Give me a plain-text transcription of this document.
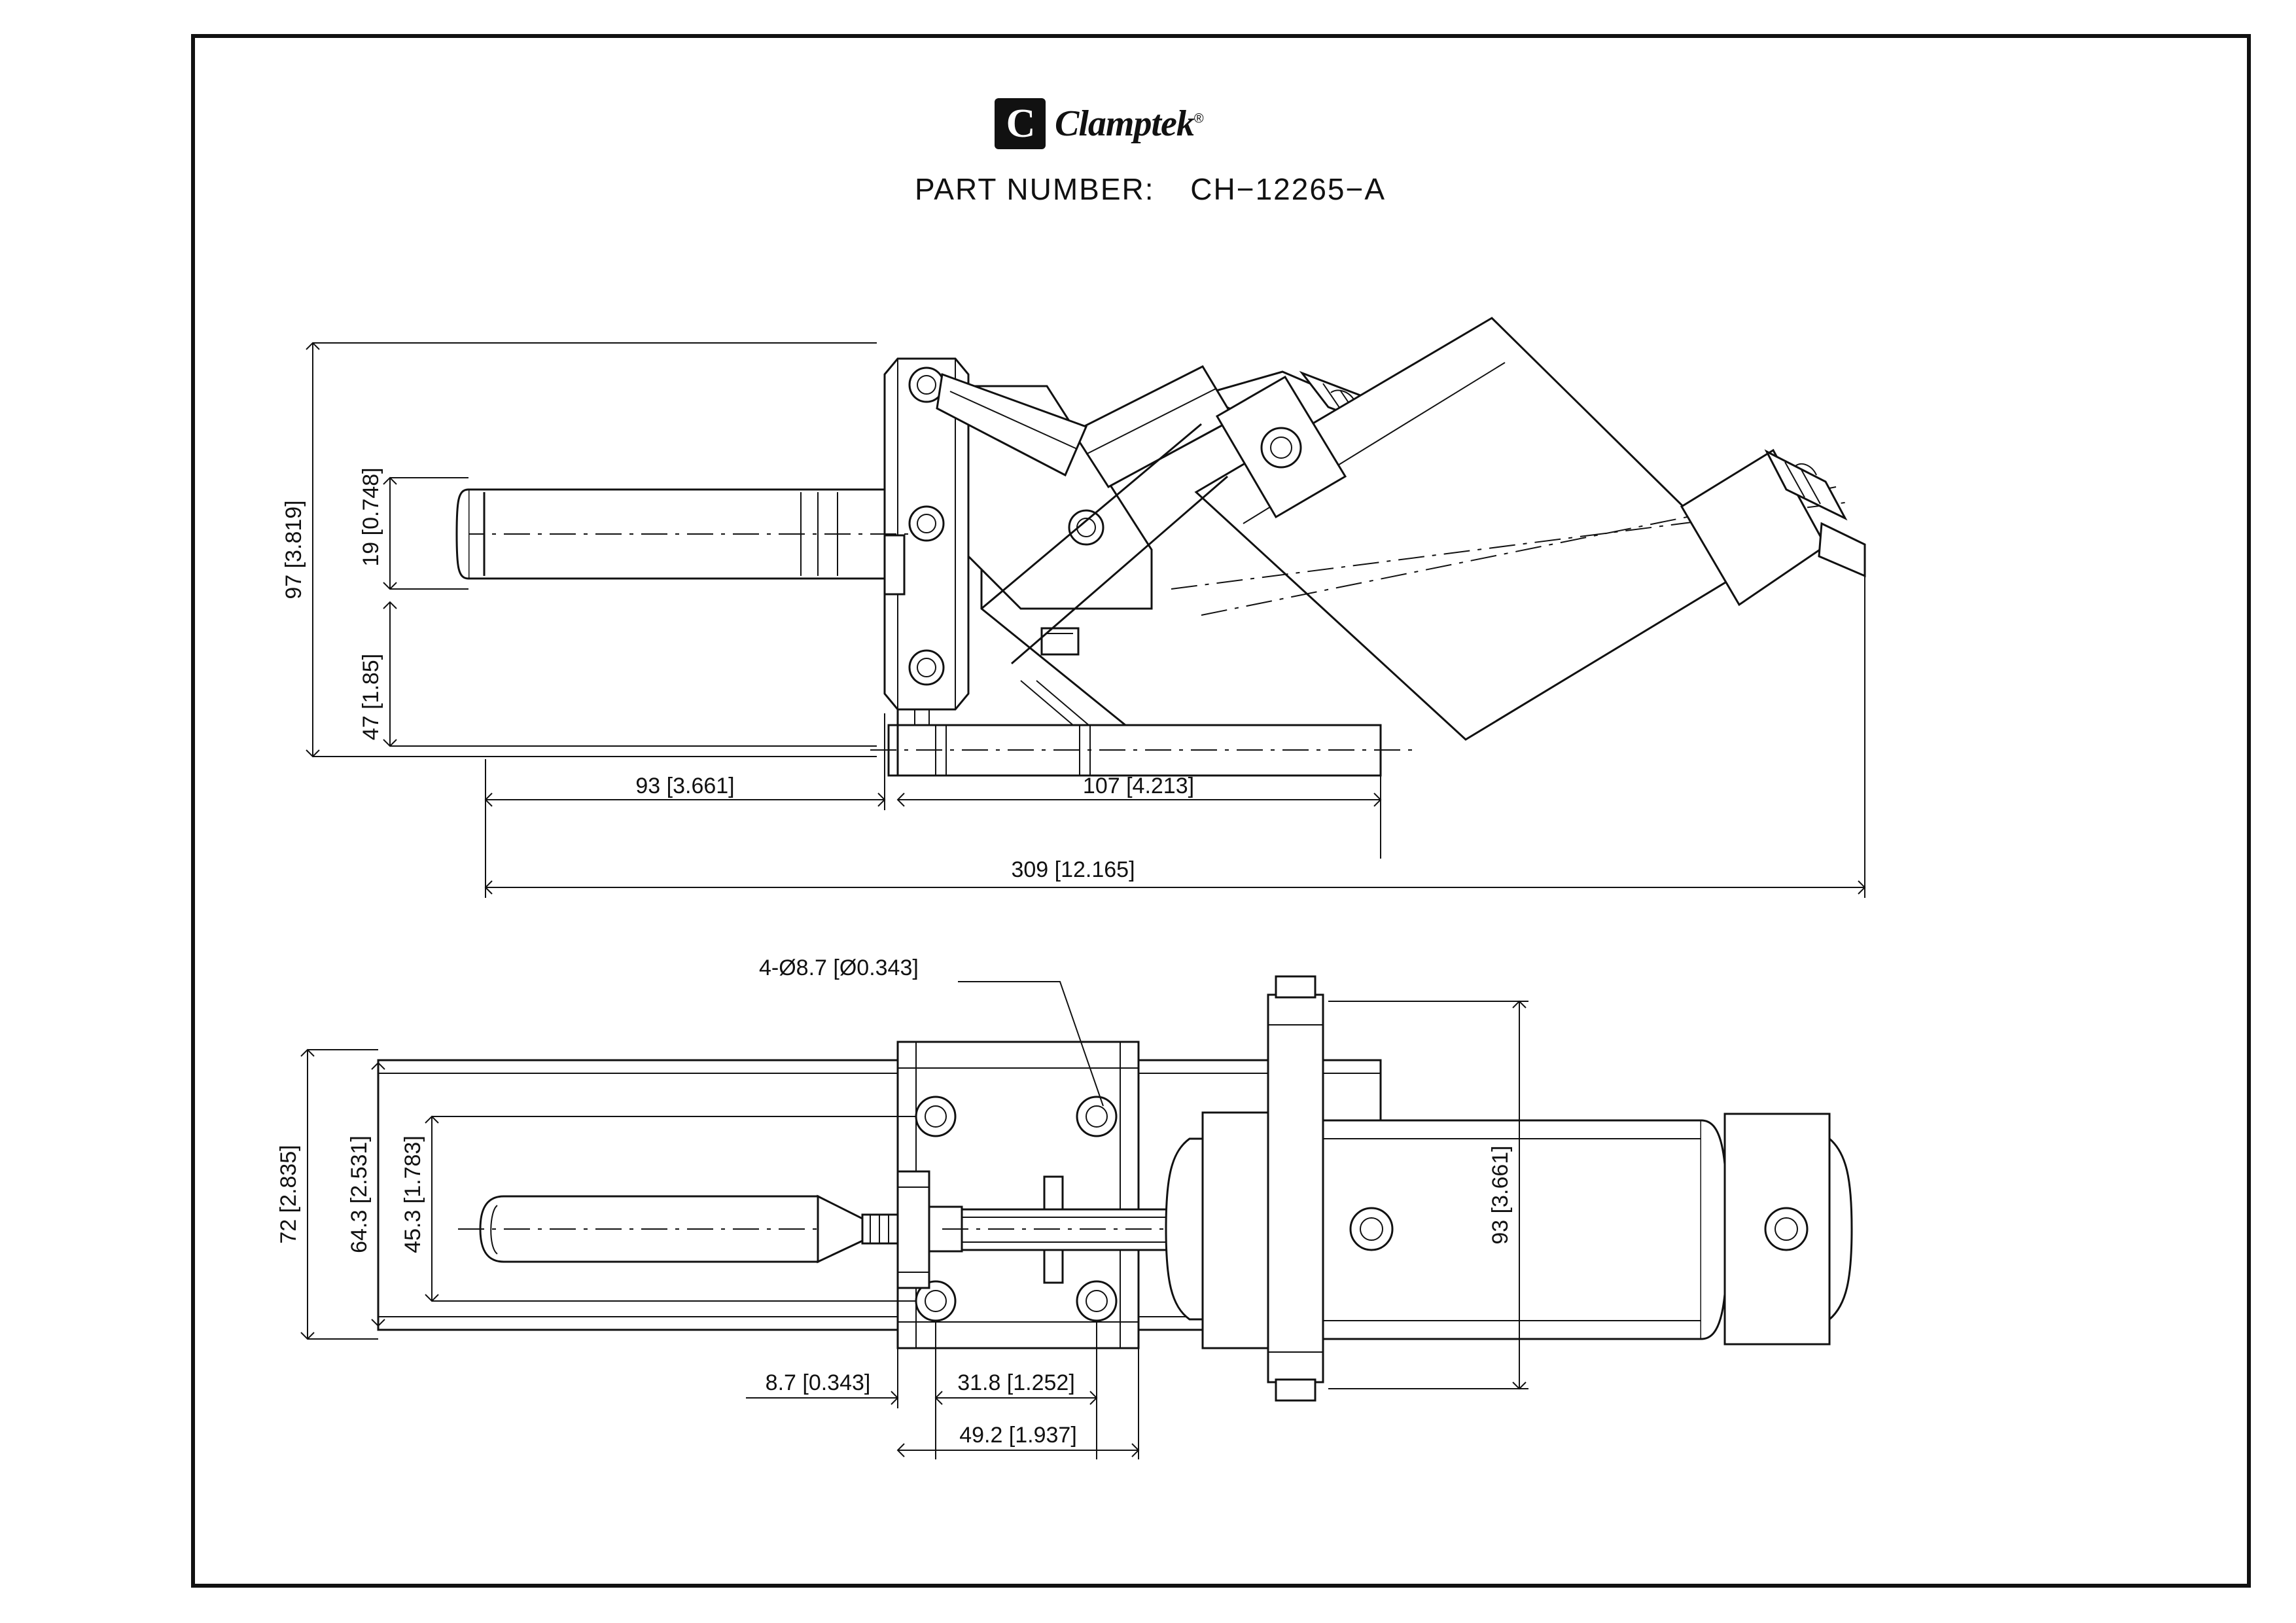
C Clamptek®
PART NUMBER: CH−12265−A
97 [3.819] 19 [0.748]
47 [1.85]
93 [3.661]	107 [4.213]
309 [12.165]
4-Ø8.7 [Ø0.343]
72 [2.835] 64.3 [2.531] 45.3 [1.783]	93 [3.661]
8.7 [0.343]	31.8 [1.252]
49.2 [1.937]
